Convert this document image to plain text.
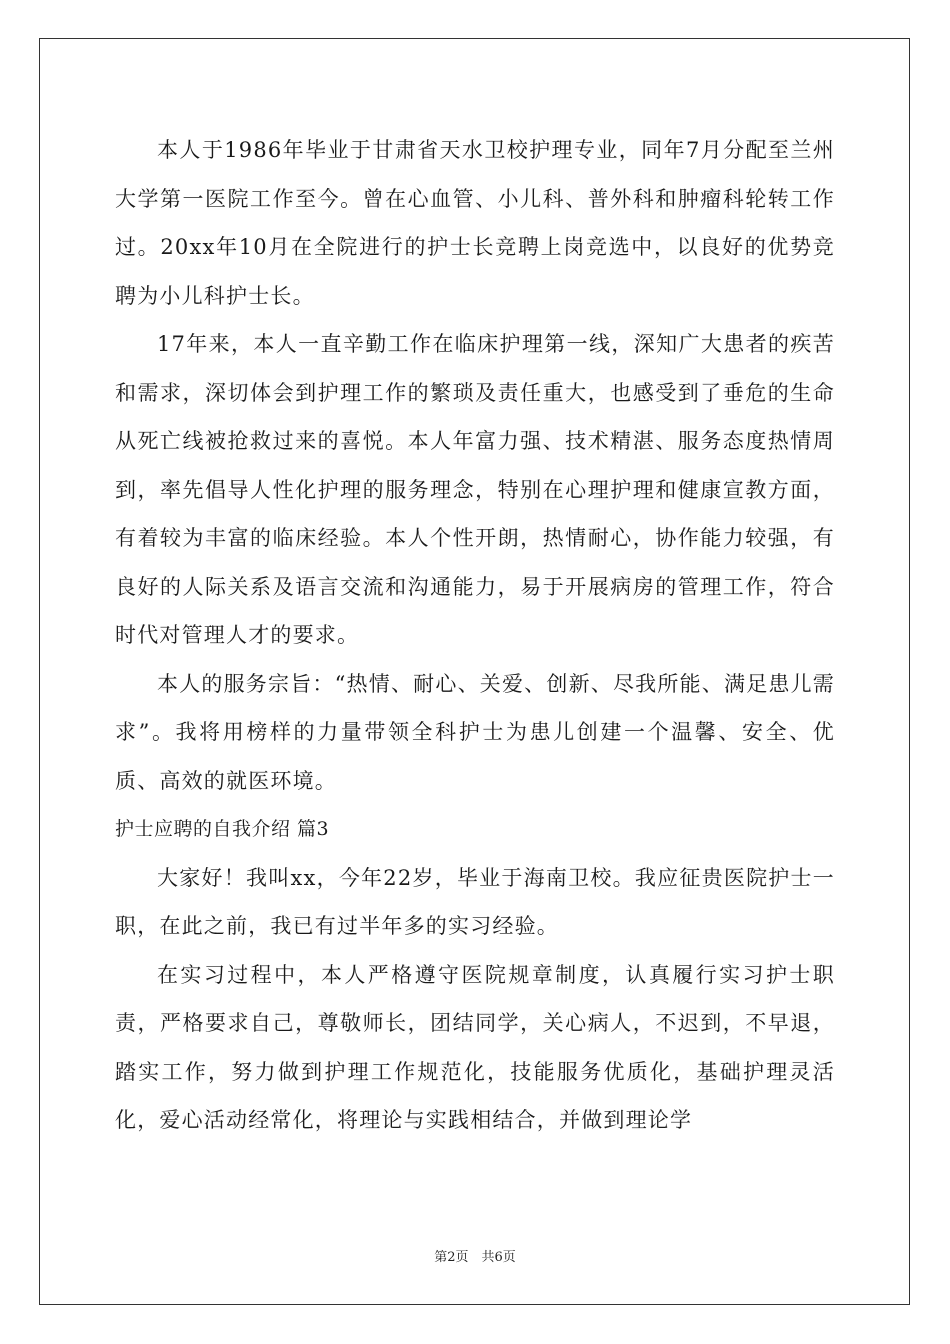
本人于1986年毕业于甘肃省天水卫校护理专业，同年7月分配至兰州大学第一医院工作至今。曾在心血管、小儿科、普外科和肿瘤科轮转工作过。20xx年10月在全院进行的护士长竞聘上岗竞选中，以良好的优势竞聘为小儿科护士长。

17年来，本人一直辛勤工作在临床护理第一线，深知广大患者的疾苦和需求，深切体会到护理工作的繁琐及责任重大，也感受到了垂危的生命从死亡线被抢救过来的喜悦。本人年富力强、技术精湛、服务态度热情周到，率先倡导人性化护理的服务理念，特别在心理护理和健康宣教方面，有着较为丰富的临床经验。本人个性开朗，热情耐心，协作能力较强，有良好的人际关系及语言交流和沟通能力，易于开展病房的管理工作，符合时代对管理人才的要求。

本人的服务宗旨：“热情、耐心、关爱、创新、尽我所能、满足患儿需求”。我将用榜样的力量带领全科护士为患儿创建一个温馨、安全、优质、高效的就医环境。

护士应聘的自我介绍 篇3

大家好！我叫xx，今年22岁，毕业于海南卫校。我应征贵医院护士一职，在此之前，我已有过半年多的实习经验。

在实习过程中，本人严格遵守医院规章制度，认真履行实习护士职责，严格要求自己，尊敬师长，团结同学，关心病人，不迟到，不早退，踏实工作，努力做到护理工作规范化，技能服务优质化，基础护理灵活化，爱心活动经常化，将理论与实践相结合，并做到理论学

第2页　共6页
